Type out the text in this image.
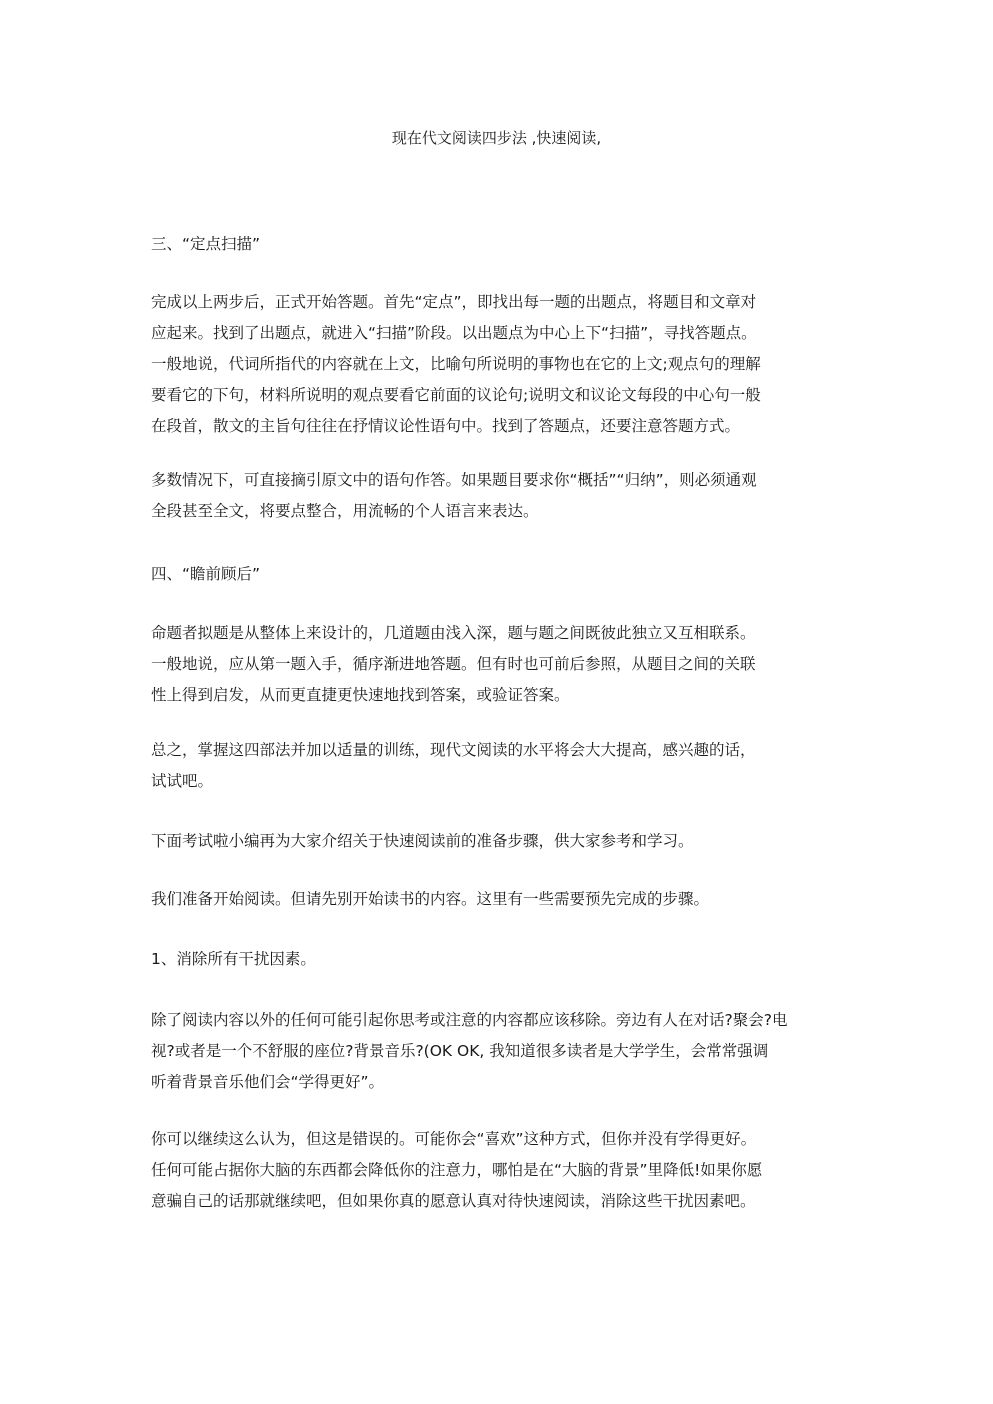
现在代文阅读四步法 ,快速阅读,
三、“定点扫描”
完成以上两步后，正式开始答题。首先“定点”，即找出每一题的出题点，将题目和文章对
应起来。找到了出题点，就进入“扫描”阶段。以出题点为中心上下“扫描”，寻找答题点。
一般地说，代词所指代的内容就在上文，比喻句所说明的事物也在它的上文;观点句的理解
要看它的下句，材料所说明的观点要看它前面的议论句;说明文和议论文每段的中心句一般
在段首，散文的主旨句往往在抒情议论性语句中。找到了答题点，还要注意答题方式。
多数情况下，可直接摘引原文中的语句作答。如果题目要求你“概括”“归纳”，则必须通观
全段甚至全文，将要点整合，用流畅的个人语言来表达。
四、“瞻前顾后”
命题者拟题是从整体上来设计的，几道题由浅入深，题与题之间既彼此独立又互相联系。
一般地说，应从第一题入手，循序渐进地答题。但有时也可前后参照，从题目之间的关联
性上得到启发，从而更直捷更快速地找到答案，或验证答案。
总之，掌握这四部法并加以适量的训练，现代文阅读的水平将会大大提高，感兴趣的话，
试试吧。
下面考试啦小编再为大家介绍关于快速阅读前的准备步骤，供大家参考和学习。
我们准备开始阅读。但请先别开始读书的内容。这里有一些需要预先完成的步骤。
1、消除所有干扰因素。
除了阅读内容以外的任何可能引起你思考或注意的内容都应该移除。旁边有人在对话?聚会?电
视?或者是一个不舒服的座位?背景音乐?(OK OK, 我知道很多读者是大学学生，会常常强调
听着背景音乐他们会“学得更好”。
你可以继续这么认为，但这是错误的。可能你会“喜欢”这种方式，但你并没有学得更好。
任何可能占据你大脑的东西都会降低你的注意力，哪怕是在“大脑的背景”里降低!如果你愿
意骗自己的话那就继续吧，但如果你真的愿意认真对待快速阅读，消除这些干扰因素吧。
